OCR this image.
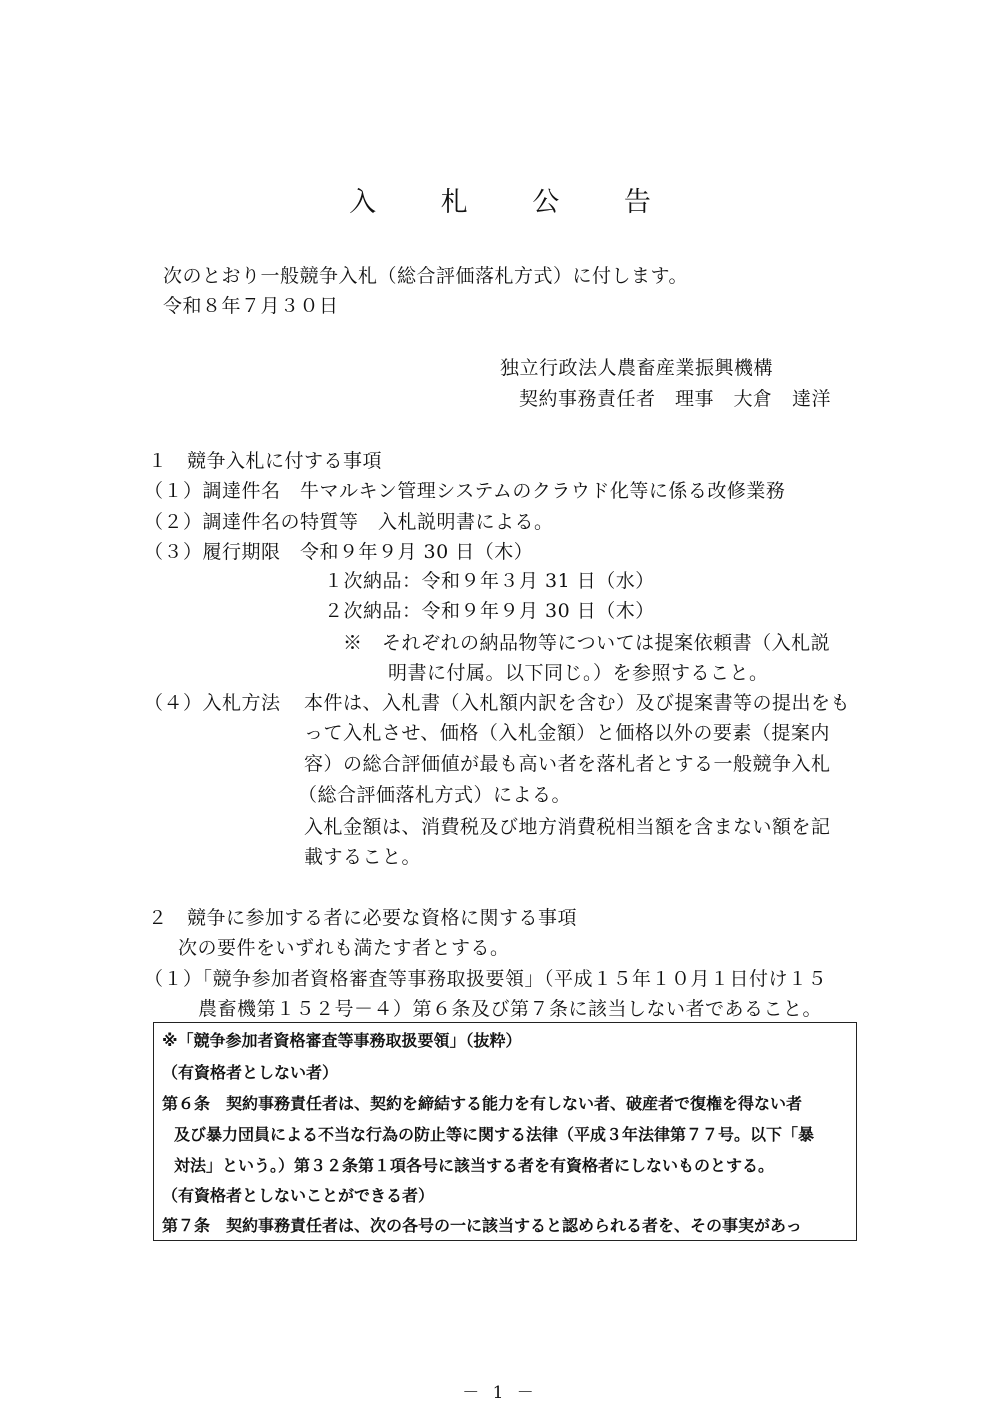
入 札 公 告
次のとおり一般競争入札（総合評価落札方式）に付します。
令和８年７月３０日
独立行政法人農畜産業振興機構
契約事務責任者　理事　大倉　達洋
１　競争入札に付する事項
（１）調達件名　牛マルキン管理システムのクラウド化等に係る改修業務
（２）調達件名の特質等　入札説明書による。
（３）履行期限　令和９年９月 30 日（木）
１次納品：令和９年３月 31 日（水）
２次納品：令和９年９月 30 日（木）
※　それぞれの納品物等については提案依頼書（入札説
明書に付属。以下同じ。）を参照すること。
（４）入札方法 本件は、入札書（入札額内訳を含む）及び提案書等の提出をも
って入札させ、価格（入札金額）と価格以外の要素（提案内
容）の総合評価値が最も高い者を落札者とする一般競争入札
（総合評価落札方式）による。
入札金額は、消費税及び地方消費税相当額を含まない額を記
載すること。
２　競争に参加する者に必要な資格に関する事項
次の要件をいずれも満たす者とする。
（１）「競争参加者資格審査等事務取扱要領」（平成１５年１０月１日付け１５
農畜機第１５２号－４）第６条及び第７条に該当しない者であること。
※「競争参加者資格審査等事務取扱要領」（抜粋）
（有資格者としない者）
第６条　契約事務責任者は、契約を締結する能力を有しない者、破産者で復権を得ない者
及び暴力団員による不当な行為の防止等に関する法律（平成３年法律第７７号。以下「暴
対法」という。）第３２条第１項各号に該当する者を有資格者にしないものとする。
（有資格者としないことができる者）
第７条　契約事務責任者は、次の各号の一に該当すると認められる者を、その事実があっ
－ 1 －
